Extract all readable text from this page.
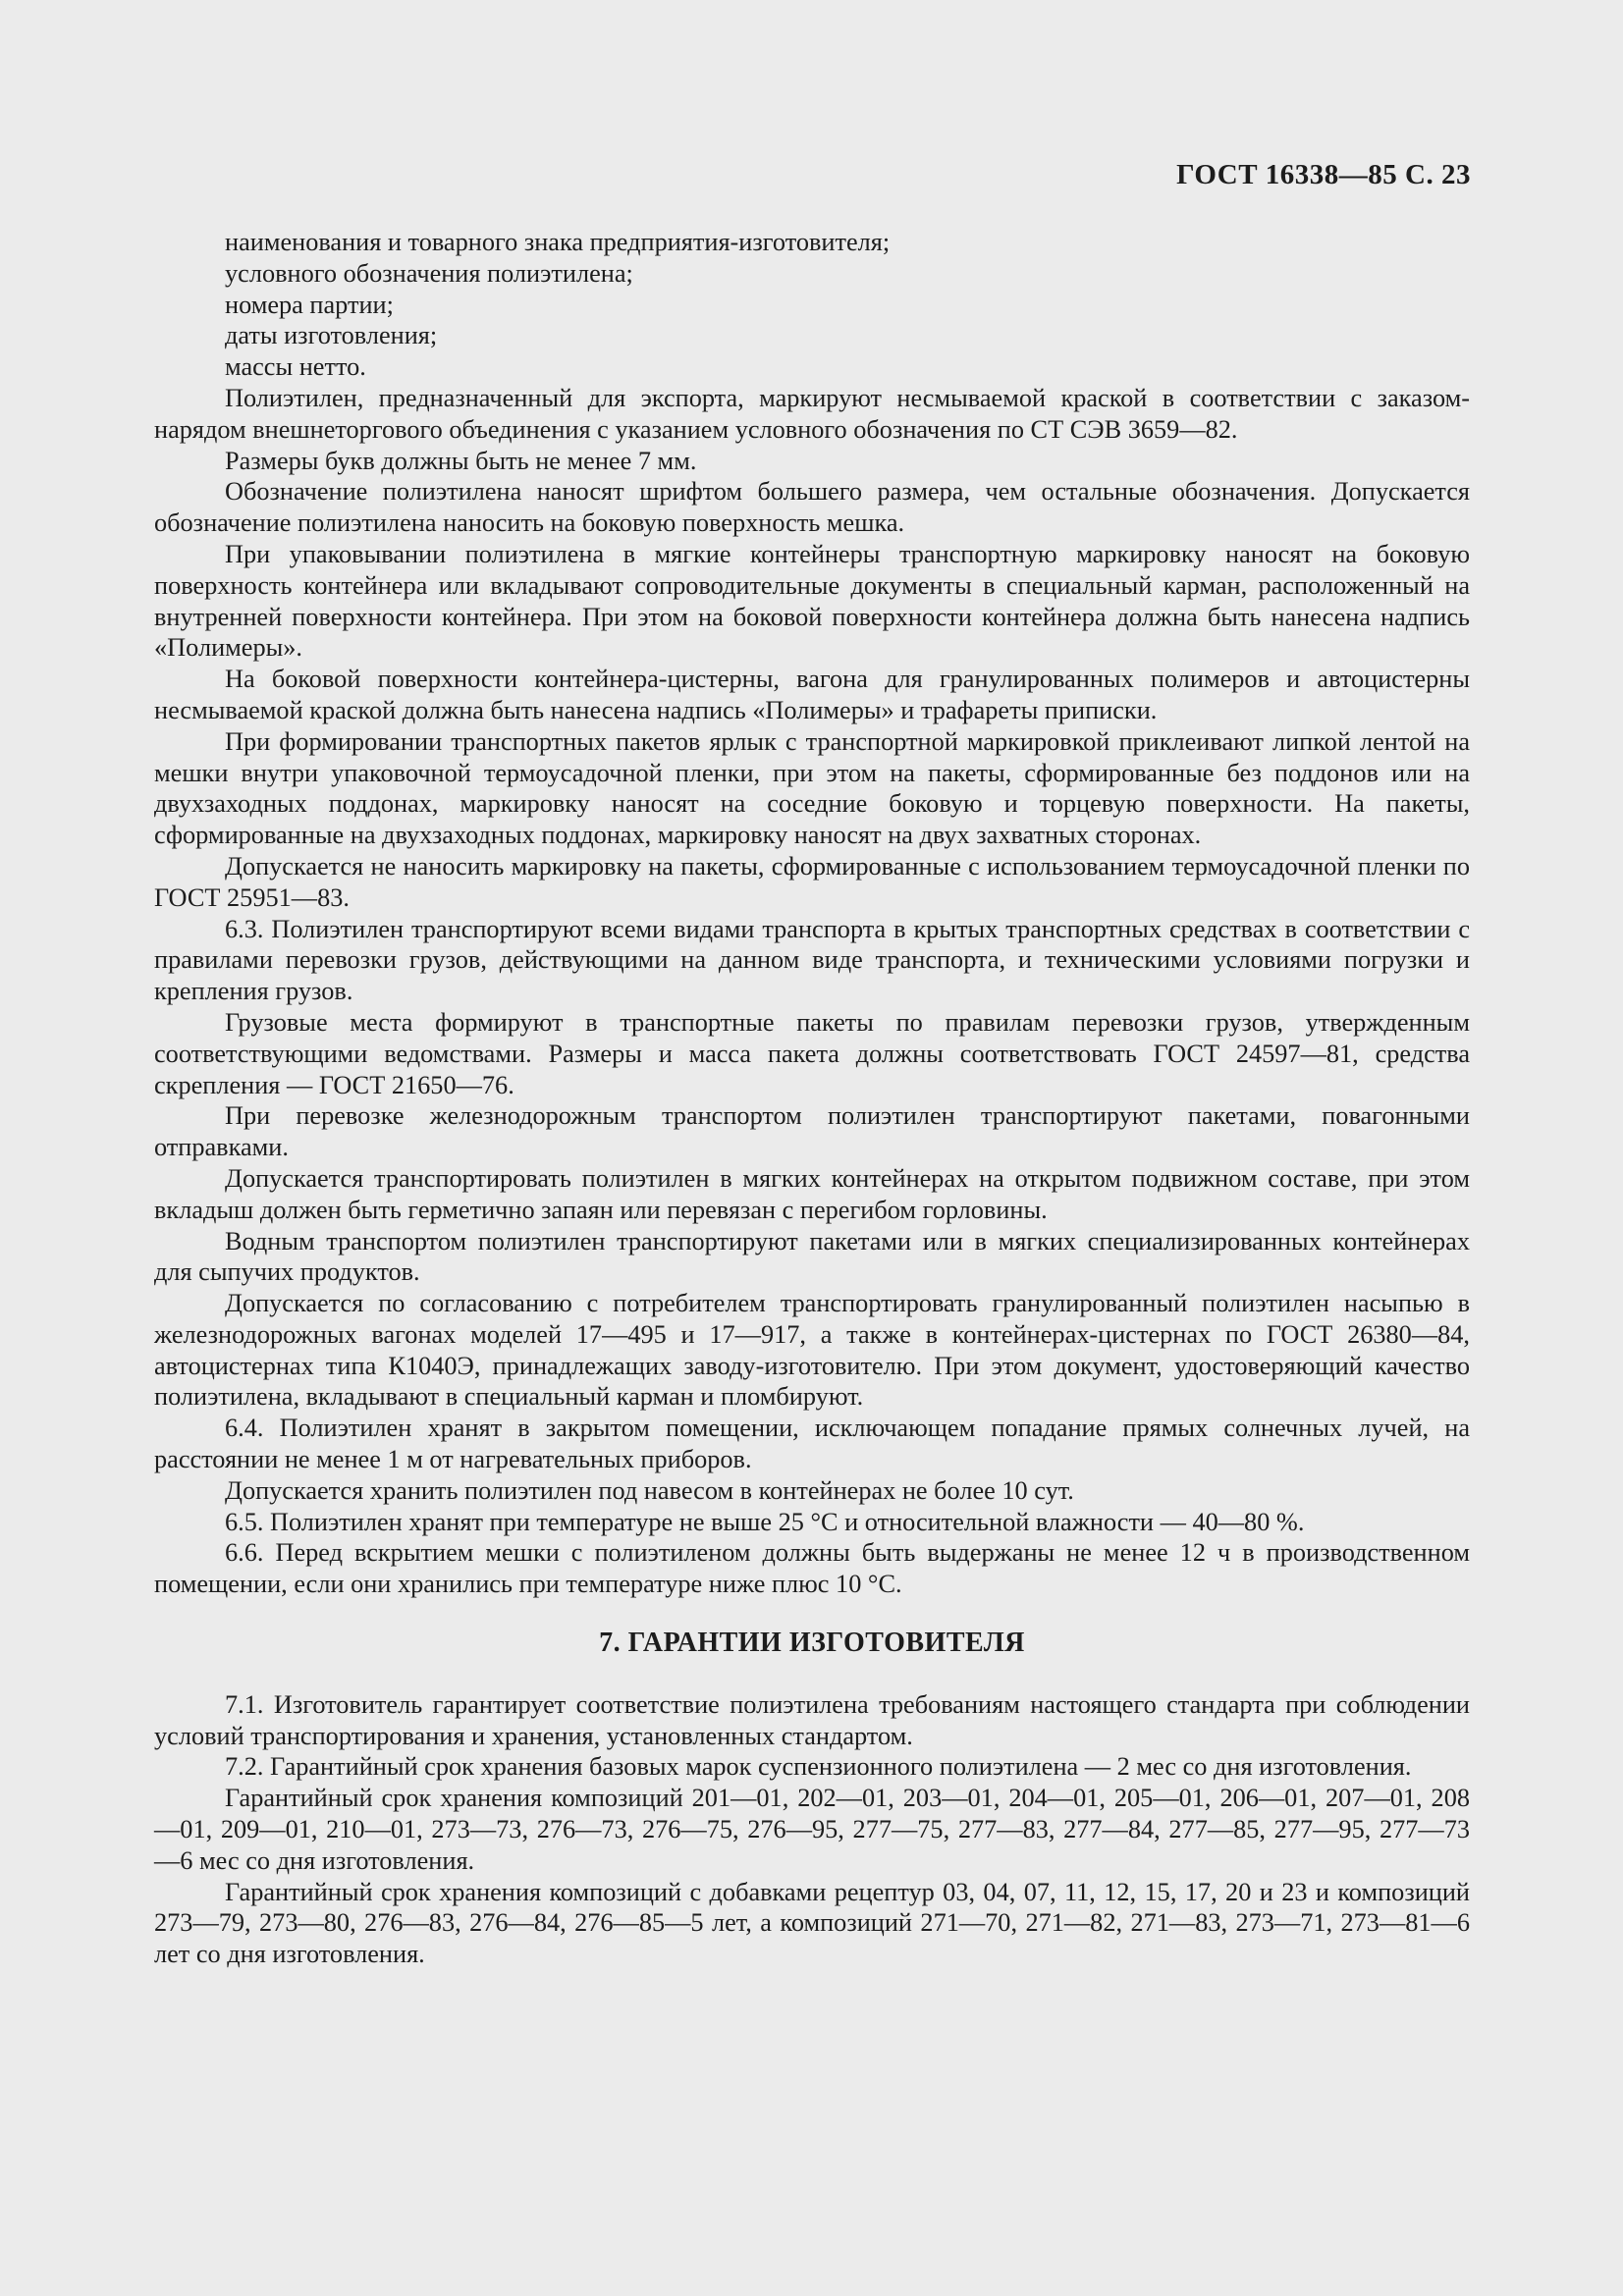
ГОСТ 16338—85 С. 23

наименования и товарного знака предприятия-изготовителя;

условного обозначения полиэтилена;

номера партии;

даты изготовления;

массы нетто.

Полиэтилен, предназначенный для экспорта, маркируют несмываемой краской в соответствии с заказом-нарядом внешнеторгового объединения с указанием условного обозначения по СТ СЭВ 3659—82.

Размеры букв должны быть не менее 7 мм.

Обозначение полиэтилена наносят шрифтом большего размера, чем остальные обозначения. Допускается обозначение полиэтилена наносить на боковую поверхность мешка.

При упаковывании полиэтилена в мягкие контейнеры транспортную маркировку наносят на боковую поверхность контейнера или вкладывают сопроводительные документы в специальный карман, расположенный на внутренней поверхности контейнера. При этом на боковой поверхности контейнера должна быть нанесена надпись «Полимеры».

На боковой поверхности контейнера-цистерны, вагона для гранулированных полимеров и автоцистерны несмываемой краской должна быть нанесена надпись «Полимеры» и трафареты приписки.

При формировании транспортных пакетов ярлык с транспортной маркировкой приклеивают липкой лентой на мешки внутри упаковочной термоусадочной пленки, при этом на пакеты, сформированные без поддонов или на двухзаходных поддонах, маркировку наносят на соседние боковую и торцевую поверхности. На пакеты, сформированные на двухзаходных поддонах, маркировку наносят на двух захватных сторонах.

Допускается не наносить маркировку на пакеты, сформированные с использованием термоусадочной пленки по ГОСТ 25951—83.

6.3. Полиэтилен транспортируют всеми видами транспорта в крытых транспортных средствах в соответствии с правилами перевозки грузов, действующими на данном виде транспорта, и техническими условиями погрузки и крепления грузов.

Грузовые места формируют в транспортные пакеты по правилам перевозки грузов, утвержденным соответствующими ведомствами. Размеры и масса пакета должны соответствовать ГОСТ 24597—81, средства скрепления — ГОСТ 21650—76.

При перевозке железнодорожным транспортом полиэтилен транспортируют пакетами, повагонными отправками.

Допускается транспортировать полиэтилен в мягких контейнерах на открытом подвижном составе, при этом вкладыш должен быть герметично запаян или перевязан с перегибом горловины.

Водным транспортом полиэтилен транспортируют пакетами или в мягких специализированных контейнерах для сыпучих продуктов.

Допускается по согласованию с потребителем транспортировать гранулированный полиэтилен насыпью в железнодорожных вагонах моделей 17—495 и 17—917, а также в контейнерах-цистернах по ГОСТ 26380—84, автоцистернах типа К1040Э, принадлежащих заводу-изготовителю. При этом документ, удостоверяющий качество полиэтилена, вкладывают в специальный карман и пломбируют.

6.4. Полиэтилен хранят в закрытом помещении, исключающем попадание прямых солнечных лучей, на расстоянии не менее 1 м от нагревательных приборов.

Допускается хранить полиэтилен под навесом в контейнерах не более 10 сут.

6.5. Полиэтилен хранят при температуре не выше 25 °С и относительной влажности — 40—80 %.

6.6. Перед вскрытием мешки с полиэтиленом должны быть выдержаны не менее 12 ч в производственном помещении, если они хранились при температуре ниже плюс 10 °С.

7. ГАРАНТИИ ИЗГОТОВИТЕЛЯ

7.1. Изготовитель гарантирует соответствие полиэтилена требованиям настоящего стандарта при соблюдении условий транспортирования и хранения, установленных стандартом.

7.2. Гарантийный срок хранения базовых марок суспензионного полиэтилена — 2 мес со дня изготовления.

Гарантийный срок хранения композиций 201—01, 202—01, 203—01, 204—01, 205—01, 206—01, 207—01, 208—01, 209—01, 210—01, 273—73, 276—73, 276—75, 276—95, 277—75, 277—83, 277—84, 277—85, 277—95, 277—73 —6 мес со дня изготовления.

Гарантийный срок хранения композиций с добавками рецептур 03, 04, 07, 11, 12, 15, 17, 20 и 23 и композиций 273—79, 273—80, 276—83, 276—84, 276—85—5 лет, а композиций 271—70, 271—82, 271—83, 273—71, 273—81—6 лет со дня изготовления.
